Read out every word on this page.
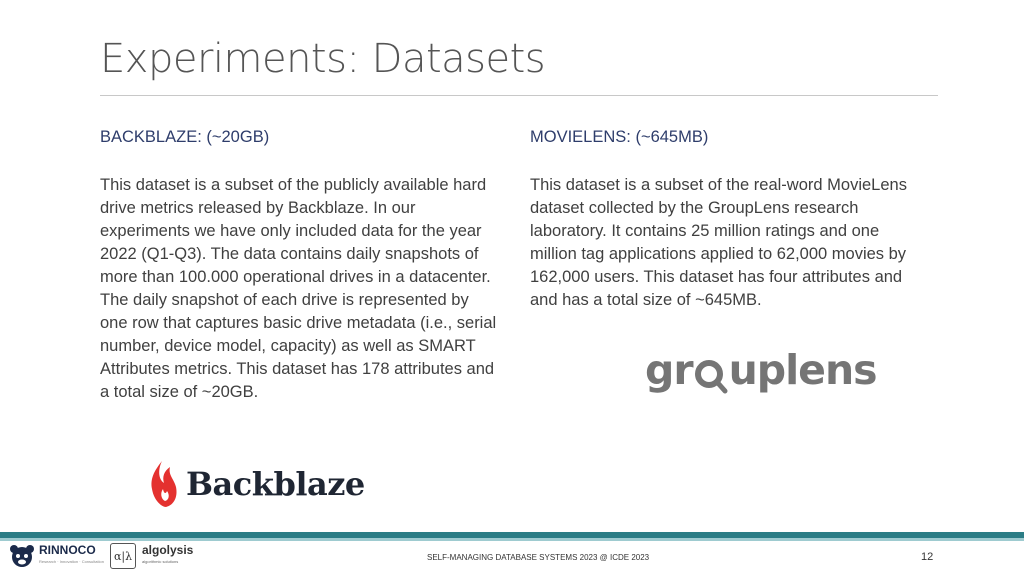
Experiments: Datasets

BACKBLAZE: (~20GB)

This dataset is a subset of the publicly available hard drive metrics released by Backblaze. In our experiments we have only included data for the year 2022 (Q1-Q3). The data contains daily snapshots of more than 100.000 operational drives in a datacenter. The daily snapshot of each drive is represented by one row that captures basic drive metadata (i.e., serial number, device model, capacity) as well as SMART Attributes metrics. This dataset has 178 attributes and a total size of ~20GB.

MOVIELENS: (~645MB)

This dataset is a subset of the real-word MovieLens dataset collected by the GroupLens research laboratory. It contains 25 million ratings and one million tag applications applied to 62,000 movies by 162,000 users. This dataset has four attributes and and has a total size of ~645MB.

Backblaze
gr uplens
RINNOCO
Research · Innovation · Consultation α|λ algolysis
algorithmic solutions	SELF-MANAGING DATABASE SYSTEMS 2023 @ ICDE 2023	12
